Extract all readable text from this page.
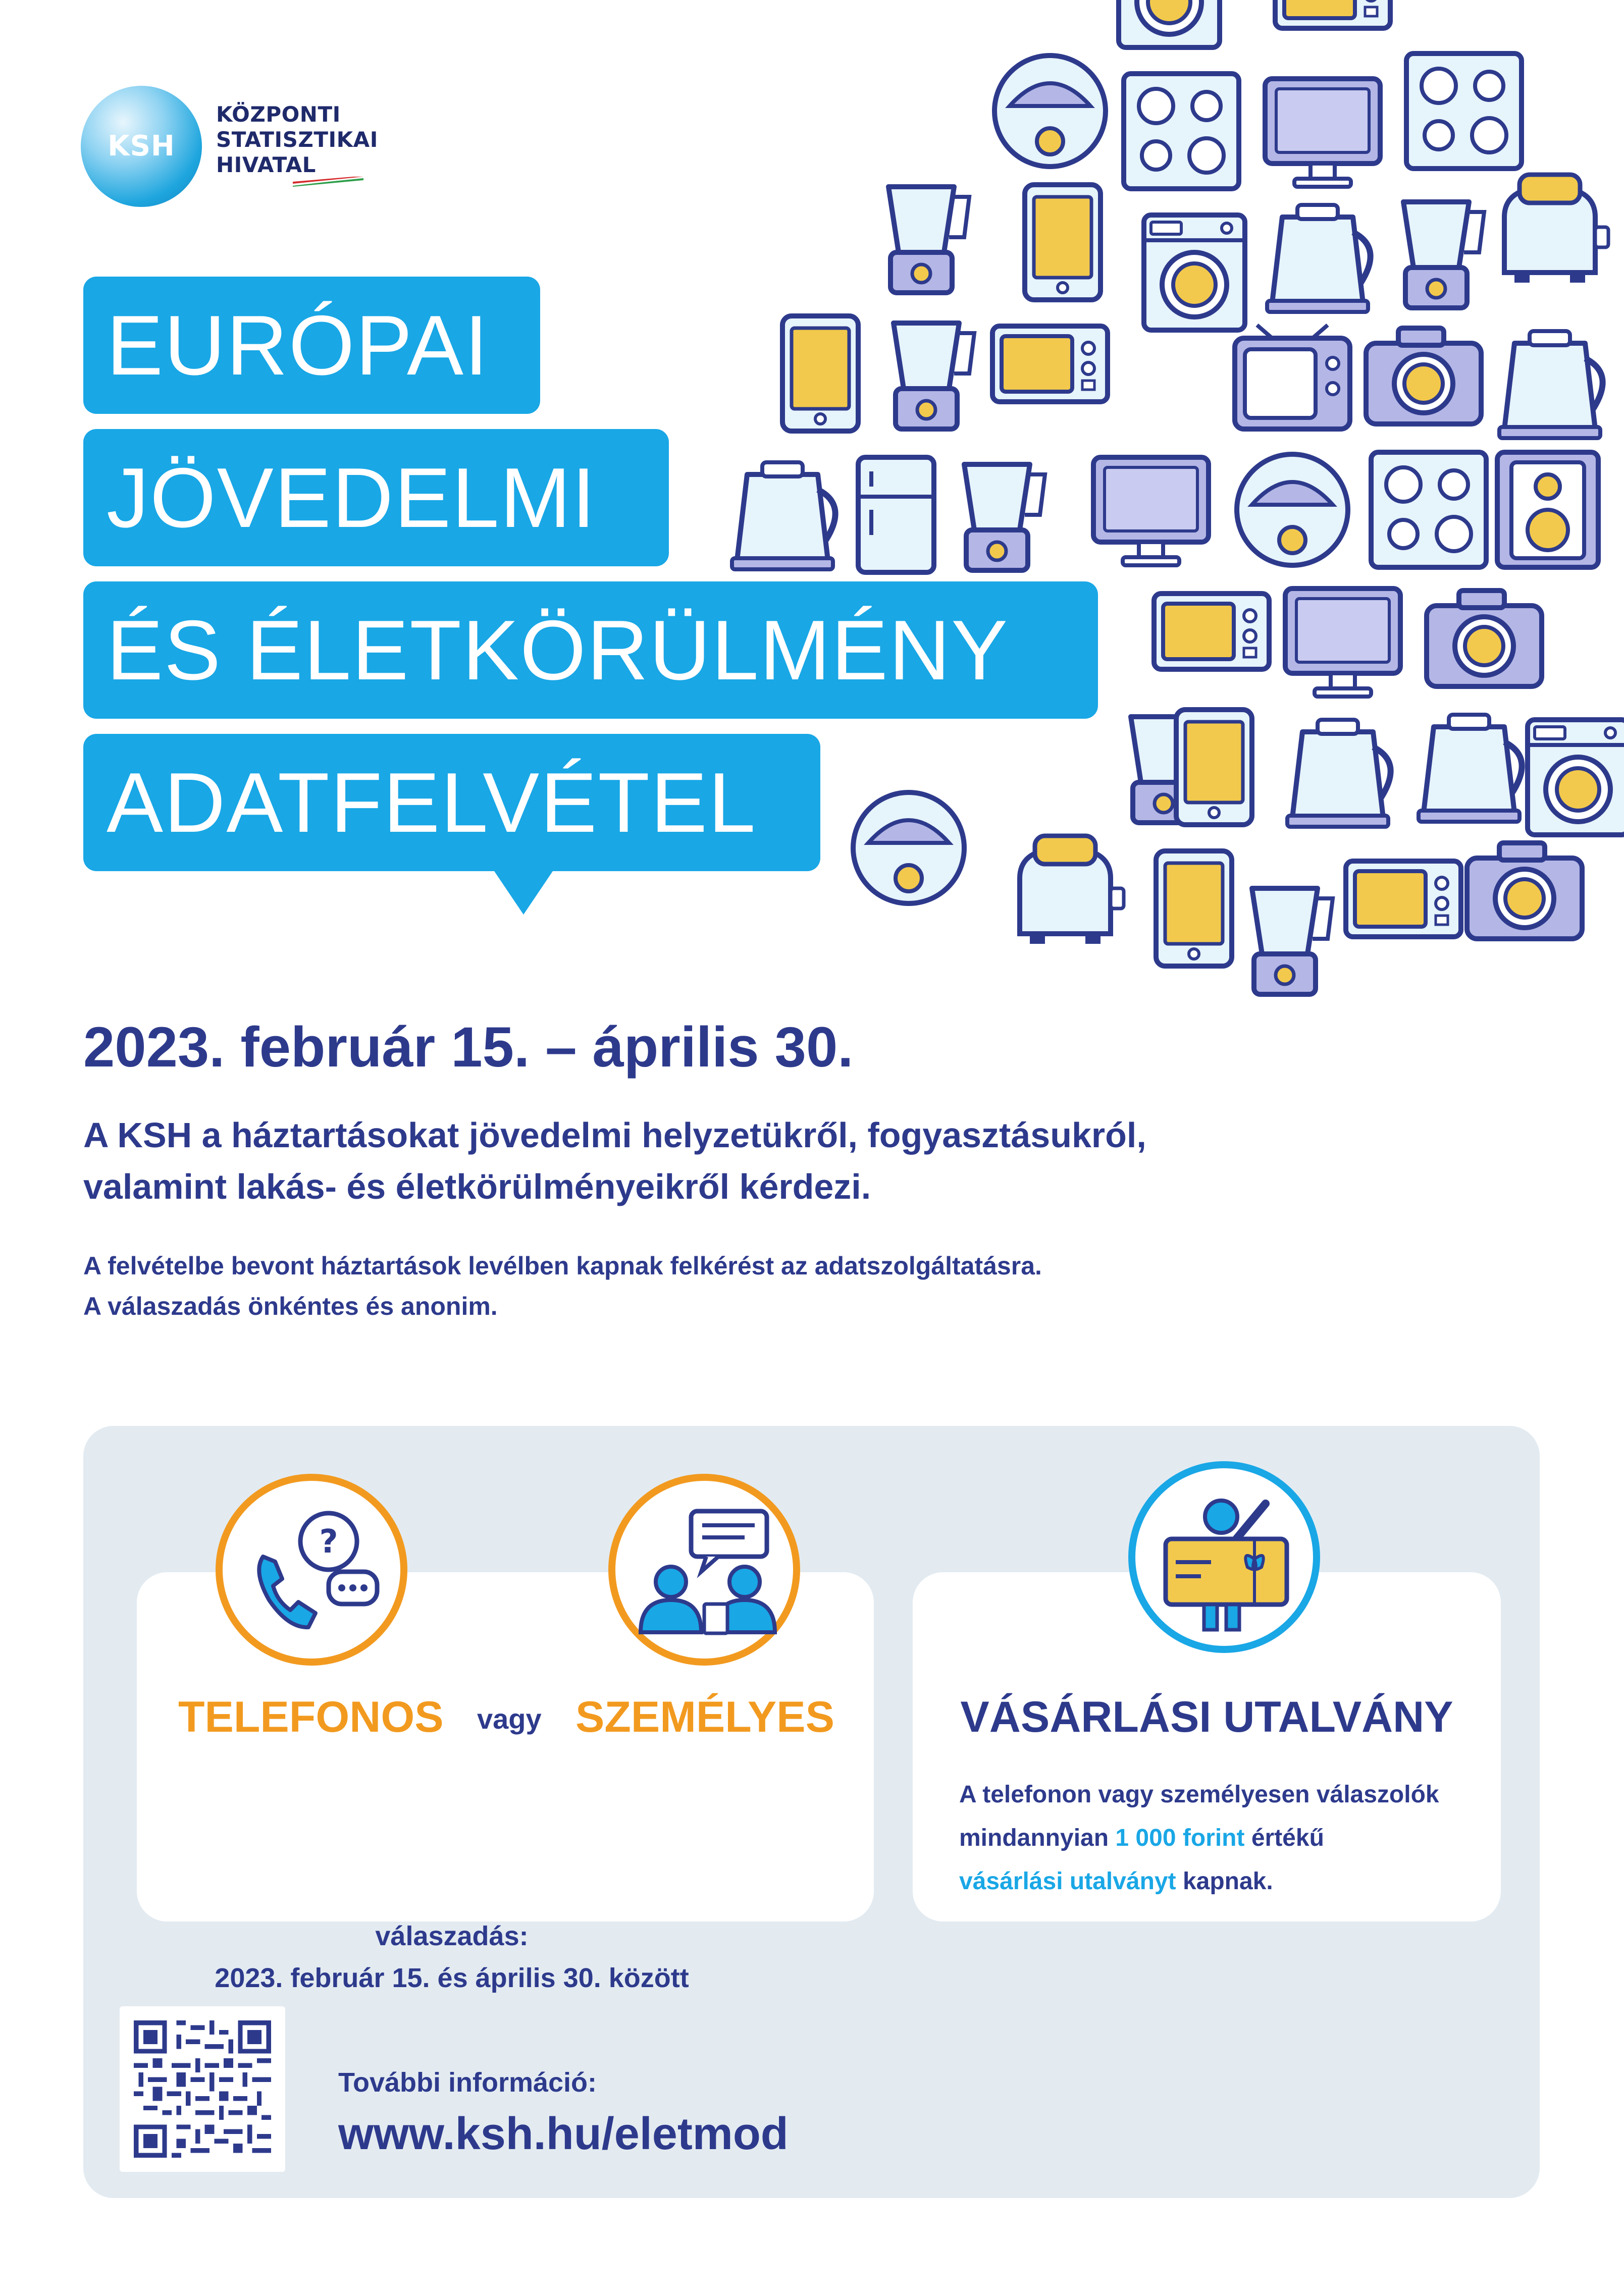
KSH
KÖZPONTI
STATISZTIKAI
HIVATAL
EURÓPAI
JÖVEDELMI
ÉS ÉLETKÖRÜLMÉNY
ADATFELVÉTEL
2023. február 15. – április 30.
A KSH a háztartásokat jövedelmi helyzetükről, fogyasztásukról,
valamint lakás- és életkörülményeikről kérdezi.
A felvételbe bevont háztartások levélben kapnak felkérést az adatszolgáltatásra.
A válaszadás önkéntes és anonim.
?
TELEFONOS vagy SZEMÉLYES
válaszadás:
2023. február 15. és április 30. között
VÁSÁRLÁSI UTALVÁNY
A telefonon vagy személyesen válaszolók
mindannyian 1 000 forint értékű
vásárlási utalványt kapnak.
További információ:
www.ksh.hu/eletmod
